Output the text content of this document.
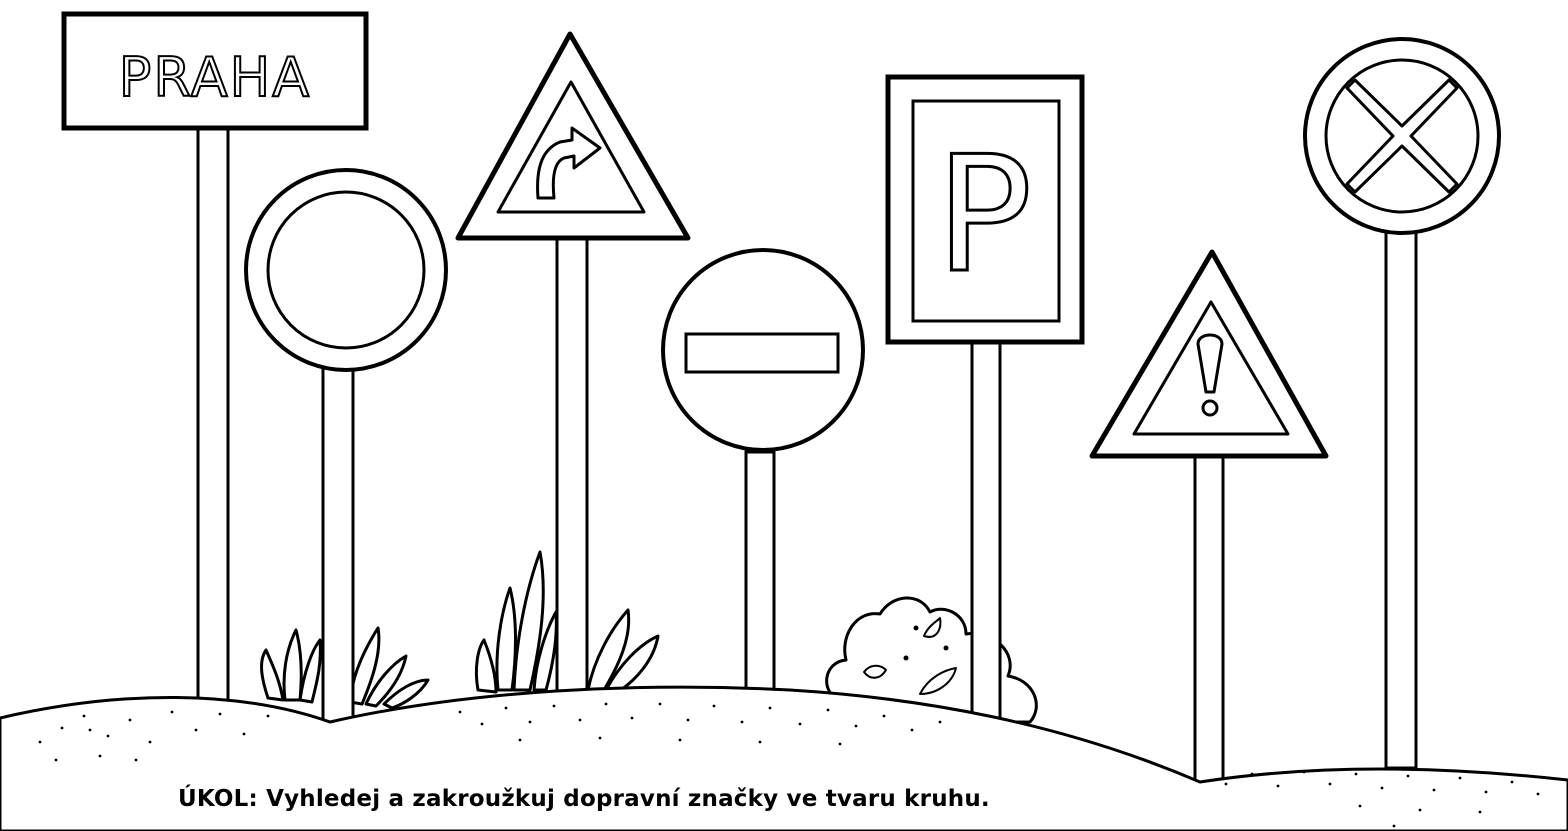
PRAHA
P
ÚKOL: Vyhledej a zakroužkuj dopravní značky ve tvaru kruhu.
